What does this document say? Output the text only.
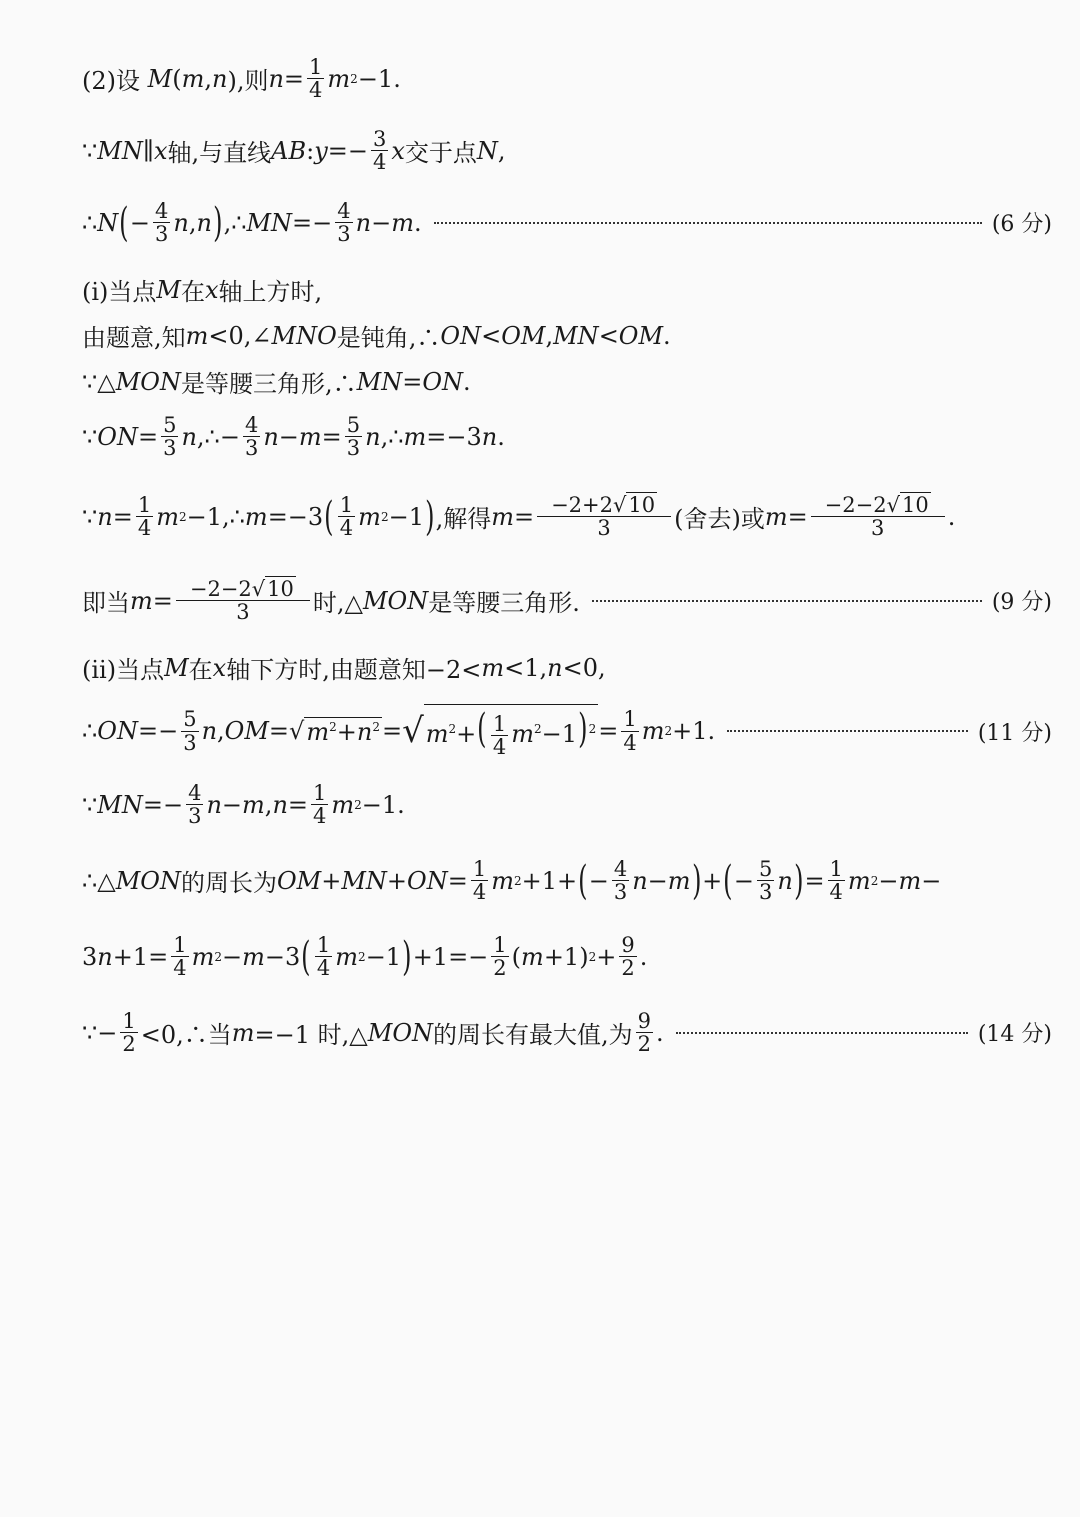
(2)设 M ( m , n ),则 $n = \frac{1}{4}$ m 2 −1.
∵ MN ∥ x 轴,与直线 AB : $y =- \frac{3}{4}$ x 交于点 N ,
∴ N ( − $\frac{4}{3}$ n , n ) ,∴ MN =− $\frac{4}{3}$ n − m .	(6 分)
(ⅰ)当点 M 在 x 轴上方时,
由题意,知 m <0,∠ MNO 是钝角,∴ ON < OM , MN < OM .
∵△ MON 是等腰三角形,∴ MN = ON .
∵ ON = $\frac{5}{3}$ n ,∴− $\frac{4}{3}$ $n - m = \frac{5}{3}$ n ,∴ m =−3 n .
∵ $n = \frac{1}{4}$ m 2 −1,∴ m =−3 ( 1
4 m 2 −1 ) ,解得 $m = \frac{-2+2√10}{3}$ (舍去)或 $m = \frac{-2-2√10}{3}$ .
即当 $m = \frac{-2-2√10}{3}$ 时,△ MON 是等腰三角形.	(9 分)
(ⅱ)当点 M 在 x 轴下方时,由题意知−2< m <1, n <0,
∴ ON =− $\frac{5}{3}$ n , OM = √ $m^2+n^2$ = √ $m^2+( \frac{1}{4} m^2-1)^2 = \frac{1}{4}$ m 2 +1.	(11 分)
∵ MN =− $\frac{4}{3}$ n − m , $n = \frac{1}{4}$ m 2 −1.
∴△ MON 的周长为 OM + MN + ON = $\frac{1}{4}$ m 2 +1+ ( − $\frac{4}{3}$ n − m ) + ( − $\frac{5}{3}$ n ) = $\frac{1}{4}$ m 2 − m −
3 $n +1= \frac{1}{4}$ m 2 − m −3 ( 1
4 m 2 −1 ) $+1=- \frac{1}{2}$ ( m +1) $2 + \frac{9}{2}$ .
∵− $\frac{1}{2}$ <0,∴当 m =−1 时,△ MON 的周长有最大值,为
9
2 .	(14 分)
